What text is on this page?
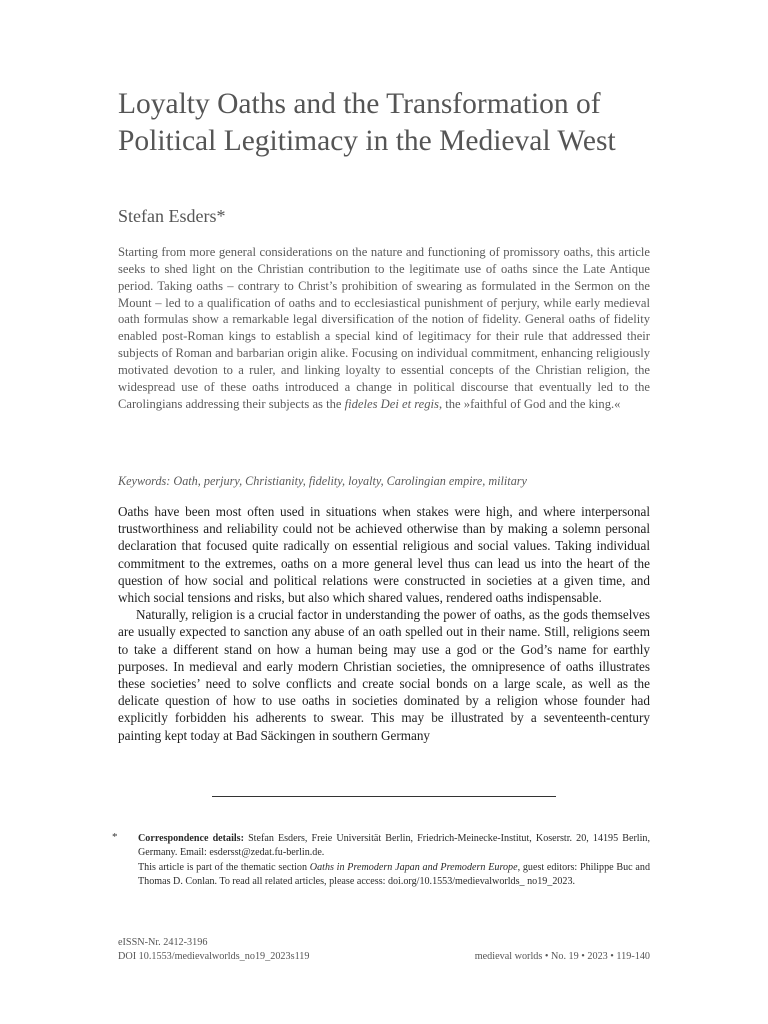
Loyalty Oaths and the Transformation of Political Legitimacy in the Medieval West

Stefan Esders*

Starting from more general considerations on the nature and functioning of promissory oaths, this article seeks to shed light on the Christian contribution to the legitimate use of oaths since the Late Antique period. Taking oaths – contrary to Christ’s prohibition of swearing as formulated in the Sermon on the Mount – led to a qualification of oaths and to ecclesiastical punishment of perjury, while early medieval oath formulas show a remarkable legal diversification of the notion of fidelity. General oaths of fidelity enabled post-Roman kings to establish a special kind of legitimacy for their rule that addressed their subjects of Roman and barbarian origin alike. Focusing on individual commitment, enhancing religiously motivated devotion to a ruler, and linking loyalty to essential concepts of the Christian religion, the widespread use of these oaths introduced a change in political discourse that eventually led to the Carolingians addressing their subjects as the fideles Dei et regis, the »faithful of God and the king.«

Keywords: Oath, perjury, Christianity, fidelity, loyalty, Carolingian empire, military

Oaths have been most often used in situations when stakes were high, and where interpersonal trustworthiness and reliability could not be achieved otherwise than by making a solemn personal declaration that focused quite radically on essential religious and social values. Taking individual commitment to the extremes, oaths on a more general level thus can lead us into the heart of the question of how social and political relations were constructed in societies at a given time, and which social tensions and risks, but also which shared values, rendered oaths indispensable.

Naturally, religion is a crucial factor in understanding the power of oaths, as the gods themselves are usually expected to sanction any abuse of an oath spelled out in their name. Still, religions seem to take a different stand on how a human being may use a god or the God’s name for earthly purposes. In medieval and early modern Christian societies, the omnipresence of oaths illustrates these societies’ need to solve conflicts and create social bonds on a large scale, as well as the delicate question of how to use oaths in societies dominated by a religion whose founder had explicitly forbidden his adherents to swear. This may be illustrated by a seventeenth-century painting kept today at Bad Säckingen in southern Germany

* Correspondence details: Stefan Esders, Freie Universität Berlin, Friedrich-Meinecke-Institut, Koserstr. 20, 14195 Berlin, Germany. Email: esdersst@zedat.fu-berlin.de.

This article is part of the thematic section Oaths in Premodern Japan and Premodern Europe, guest editors: Philippe Buc and Thomas D. Conlan. To read all related articles, please access: doi.org/10.1553/medievalworlds_ no19_2023.

eISSN-Nr. 2412-3196
DOI 10.1553/medievalworlds_no19_2023s119	medieval worlds • No. 19 • 2023 • 119-140
